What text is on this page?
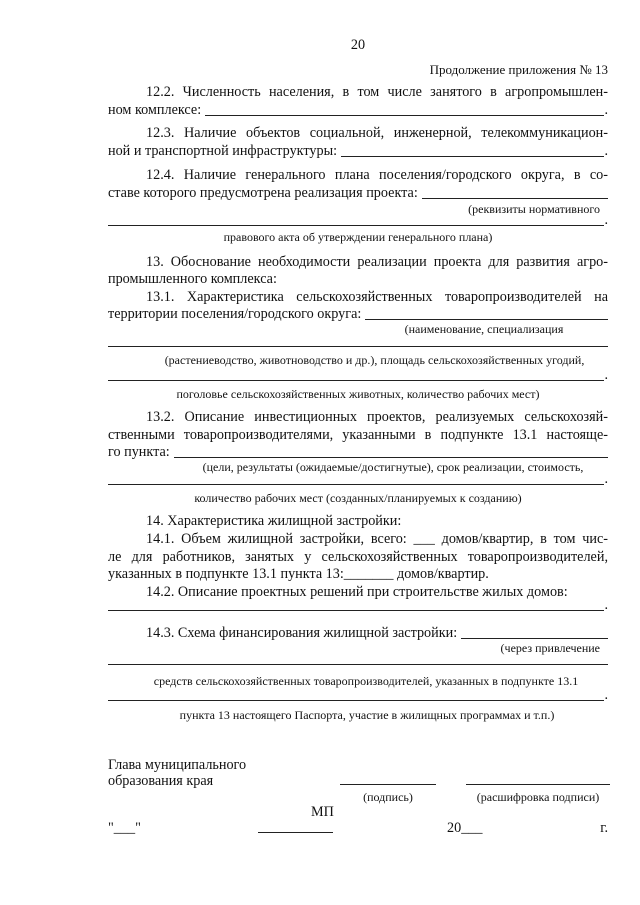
20
Продолжение приложения № 13
12.2. Численность населения, в том числе занятого в агропромышлен-
ном комплексе:	.
12.3. Наличие объектов социальной, инженерной, телекоммуникацион-
ной и транспортной инфраструктуры:	.
12.4. Наличие генерального плана поселения/городского округа, в со-
ставе которого предусмотрена реализация проекта:
(реквизиты нормативного
.
правового акта об утверждении генерального плана)
13. Обоснование необходимости реализации проекта для развития агро-
промышленного комплекса:
13.1. Характеристика сельскохозяйственных товаропроизводителей на
территории поселения/городского округа:
(наименование, специализация
(растениеводство, животноводство и др.), площадь сельскохозяйственных угодий,
.
поголовье сельскохозяйственных животных, количество рабочих мест)
13.2. Описание инвестиционных проектов, реализуемых сельскохозяй-
ственными товаропроизводителями, указанными в подпункте 13.1 настояще-
го пункта:
(цели, результаты (ожидаемые/достигнутые), срок реализации, стоимость,
.
количество рабочих мест (созданных/планируемых к созданию)
14. Характеристика жилищной застройки:
14.1. Объем жилищной застройки, всего: ___ домов/квартир, в том чис-
ле для работников, занятых у сельскохозяйственных товаропроизводителей,
указанных в подпункте 13.1 пункта 13:_______ домов/квартир.
14.2. Описание проектных решений при строительстве жилых домов:
.
14.3. Схема финансирования жилищной застройки:
(через привлечение
средств сельскохозяйственных товаропроизводителей, указанных в подпункте 13.1
.
пункта 13 настоящего Паспорта, участие в жилищных программах и т.п.)
Глава муниципального
образования края
(подпись)	(расшифровка подписи)
МП
"___"	20___	г.
